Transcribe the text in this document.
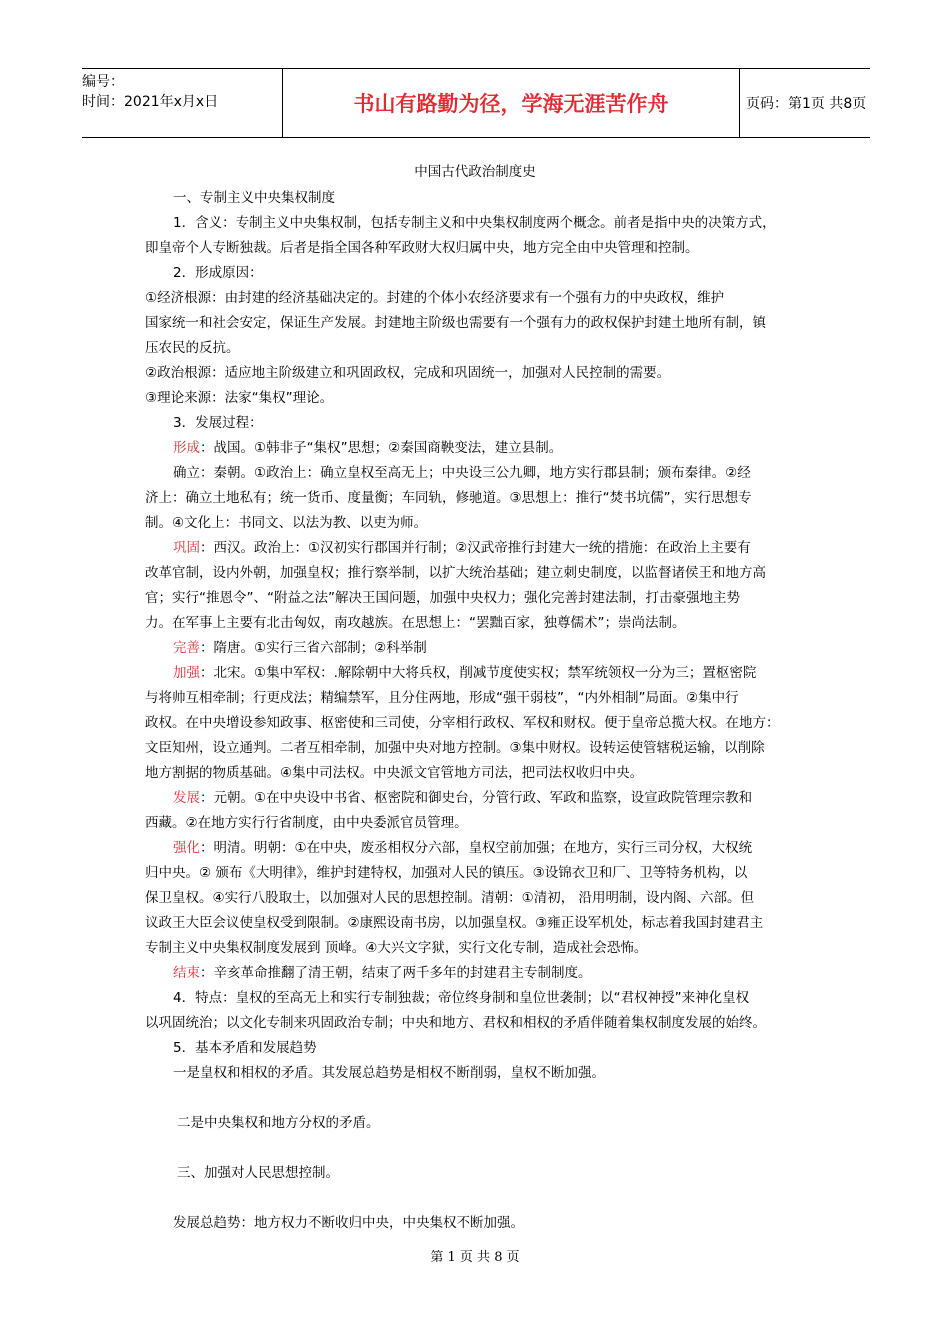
编号：
时间：2021年x月x日	书山有路勤为径，学海无涯苦作舟	页码：第1页 共8页
中国古代政治制度史
一、专制主义中央集权制度
1．含义：专制主义中央集权制，包括专制主义和中央集权制度两个概念。前者是指中央的决策方式，
即皇帝个人专断独裁。后者是指全国各种军政财大权归属中央，地方完全由中央管理和控制。
2．形成原因：
①经济根源：由封建的经济基础决定的。封建的个体小农经济要求有一个强有力的中央政权，维护
国家统一和社会安定，保证生产发展。封建地主阶级也需要有一个强有力的政权保护封建土地所有制，镇
压农民的反抗。
②政治根源：适应地主阶级建立和巩固政权，完成和巩固统一，加强对人民控制的需要。
③理论来源：法家“集权”理论。
3．发展过程：
形成：战国。①韩非子“集权”思想；②秦国商鞅变法，建立县制。
确立：秦朝。①政治上：确立皇权至高无上；中央设三公九卿，地方实行郡县制；颁布秦律。②经
济上：确立土地私有；统一货币、度量衡；车同轨，修驰道。③思想上：推行“焚书坑儒”，实行思想专
制。④文化上：书同文、以法为教、以吏为师。
巩固：西汉。政治上：①汉初实行郡国并行制；②汉武帝推行封建大一统的措施：在政治上主要有
改革官制，设内外朝，加强皇权；推行察举制，以扩大统治基础；建立刺史制度，以监督诸侯王和地方高
官；实行“推恩令”、“附益之法”解决王国问题，加强中央权力；强化完善封建法制，打击豪强地主势
力。在军事上主要有北击匈奴，南攻越族。在思想上：“罢黜百家，独尊儒术”；崇尚法制。
完善：隋唐。①实行三省六部制；②科举制
加强：北宋。①集中军权：.解除朝中大将兵权，削减节度使实权；禁军统领权一分为三；置枢密院
与将帅互相牵制；行更戍法；精编禁军，且分住两地，形成“强干弱枝”，“内外相制”局面。②集中行
政权。在中央增设参知政事、枢密使和三司使，分宰相行政权、军权和财权。便于皇帝总揽大权。在地方：
文臣知州，设立通判。二者互相牵制，加强中央对地方控制。③集中财权。设转运使管辖税运输，以削除
地方割据的物质基础。④集中司法权。中央派文官管地方司法，把司法权收归中央。
发展：元朝。①在中央设中书省、枢密院和御史台，分管行政、军政和监察，设宣政院管理宗教和
西藏。②在地方实行行省制度，由中央委派官员管理。
强化：明清。明朝：①在中央，废丞相权分六部，皇权空前加强；在地方，实行三司分权，大权统
归中央。② 颁布《大明律》，维护封建特权，加强对人民的镇压。③设锦衣卫和厂、卫等特务机构，以
保卫皇权。④实行八股取士，以加强对人民的思想控制。清朝：①清初， 沿用明制，设内阁、六部。但
议政王大臣会议使皇权受到限制。②康熙设南书房，以加强皇权。③雍正设军机处，标志着我国封建君主
专制主义中央集权制度发展到 顶峰。④大兴文字狱，实行文化专制，造成社会恐怖。
结束：辛亥革命推翻了清王朝，结束了两千多年的封建君主专制制度。
4．特点：皇权的至高无上和实行专制独裁；帝位终身制和皇位世袭制；以“君权神授”来神化皇权
以巩固统治；以文化专制来巩固政治专制；中央和地方、君权和相权的矛盾伴随着集权制度发展的始终。
5．基本矛盾和发展趋势
一是皇权和相权的矛盾。其发展总趋势是相权不断削弱，皇权不断加强。
二是中央集权和地方分权的矛盾。
三、加强对人民思想控制。
发展总趋势：地方权力不断收归中央，中央集权不断加强。
第 1 页 共 8 页
